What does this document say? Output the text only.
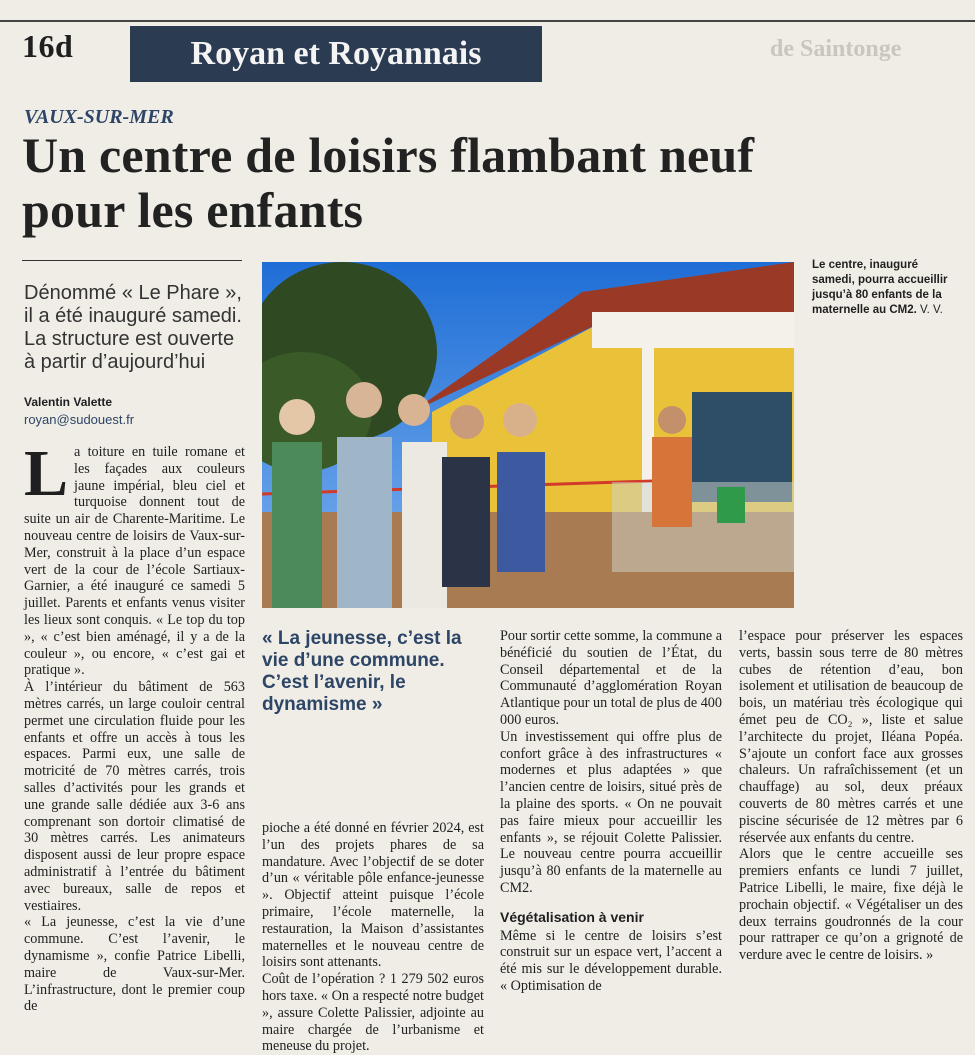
16d	Royan et Royannais	de Saintonge
VAUX-SUR-MER
Un centre de loisirs flambant neuf
pour les enfants
Dénommé « Le Phare », il a été inauguré samedi. La structure est ouverte à partir d’aujourd’hui
Valentin Valette
royan@sudouest.fr
Le centre, inauguré samedi, pourra accueillir jusqu’à 80 enfants de la maternelle au CM2. V. V.

La toiture en tuile romane et les façades aux couleurs jaune impérial, bleu ciel et turquoise donnent tout de suite un air de Charente-Maritime. Le nouveau centre de loisirs de Vaux-sur-Mer, construit à la place d’un espace vert de la cour de l’école Sartiaux-Garnier, a été inauguré ce samedi 5 juillet. Parents et enfants venus visiter les lieux sont conquis. « Le top du top », « c’est bien aménagé, il y a de la couleur », ou encore, « c’est gai et pratique ».

À l’intérieur du bâtiment de 563 mètres carrés, un large couloir central permet une circulation fluide pour les enfants et offre un accès à tous les espaces. Parmi eux, une salle de motricité de 70 mètres carrés, trois salles d’activités pour les grands et une grande salle dédiée aux 3-6 ans comprenant son dortoir climatisé de 30 mètres carrés. Les animateurs disposent aussi de leur propre espace administratif à l’entrée du bâtiment avec bureaux, salle de repos et vestiaires.

« La jeunesse, c’est la vie d’une commune. C’est l’avenir, le dynamisme », confie Patrice Libelli, maire de Vaux-sur-Mer. L’infrastructure, dont le premier coup de

« La jeunesse, c’est la vie d’une commune. C’est l’avenir, le dynamisme »

pioche a été donné en février 2024, est l’un des projets phares de sa mandature. Avec l’objectif de se doter d’un « véritable pôle enfance-jeunesse ». Objectif atteint puisque l’école primaire, l’école maternelle, la restauration, la Maison d’assistantes maternelles et le nouveau centre de loisirs sont attenants.

Coût de l’opération ? 1 279 502 euros hors taxe. « On a respecté notre budget », assure Colette Palissier, adjointe au maire chargée de l’urbanisme et meneuse du projet.

Pour sortir cette somme, la commune a bénéficié du soutien de l’État, du Conseil départemental et de la Communauté d’agglomération Royan Atlantique pour un total de plus de 400 000 euros.

Un investissement qui offre plus de confort grâce à des infrastructures « modernes et plus adaptées » que l’ancien centre de loisirs, situé près de la plaine des sports. « On ne pouvait pas faire mieux pour accueillir les enfants », se réjouit Colette Palissier. Le nouveau centre pourra accueillir jusqu’à 80 enfants de la maternelle au CM2.

Végétalisation à venir

Même si le centre de loisirs s’est construit sur un espace vert, l’accent a été mis sur le développement durable. « Optimisation de

l’espace pour préserver les espaces verts, bassin sous terre de 80 mètres cubes de rétention d’eau, bon isolement et utilisation de beaucoup de bois, un matériau très écologique qui émet peu de CO₂ », liste et salue l’architecte du projet, Iléana Popéa. S’ajoute un confort face aux grosses chaleurs. Un rafraîchissement (et un chauffage) au sol, deux préaux couverts de 80 mètres carrés et une piscine sécurisée de 12 mètres par 6 réservée aux enfants du centre.

Alors que le centre accueille ses premiers enfants ce lundi 7 juillet, Patrice Libelli, le maire, fixe déjà le prochain objectif. « Végétaliser un des deux terrains goudronnés de la cour pour rattraper ce qu’on a grignoté de verdure avec le centre de loisirs. »
